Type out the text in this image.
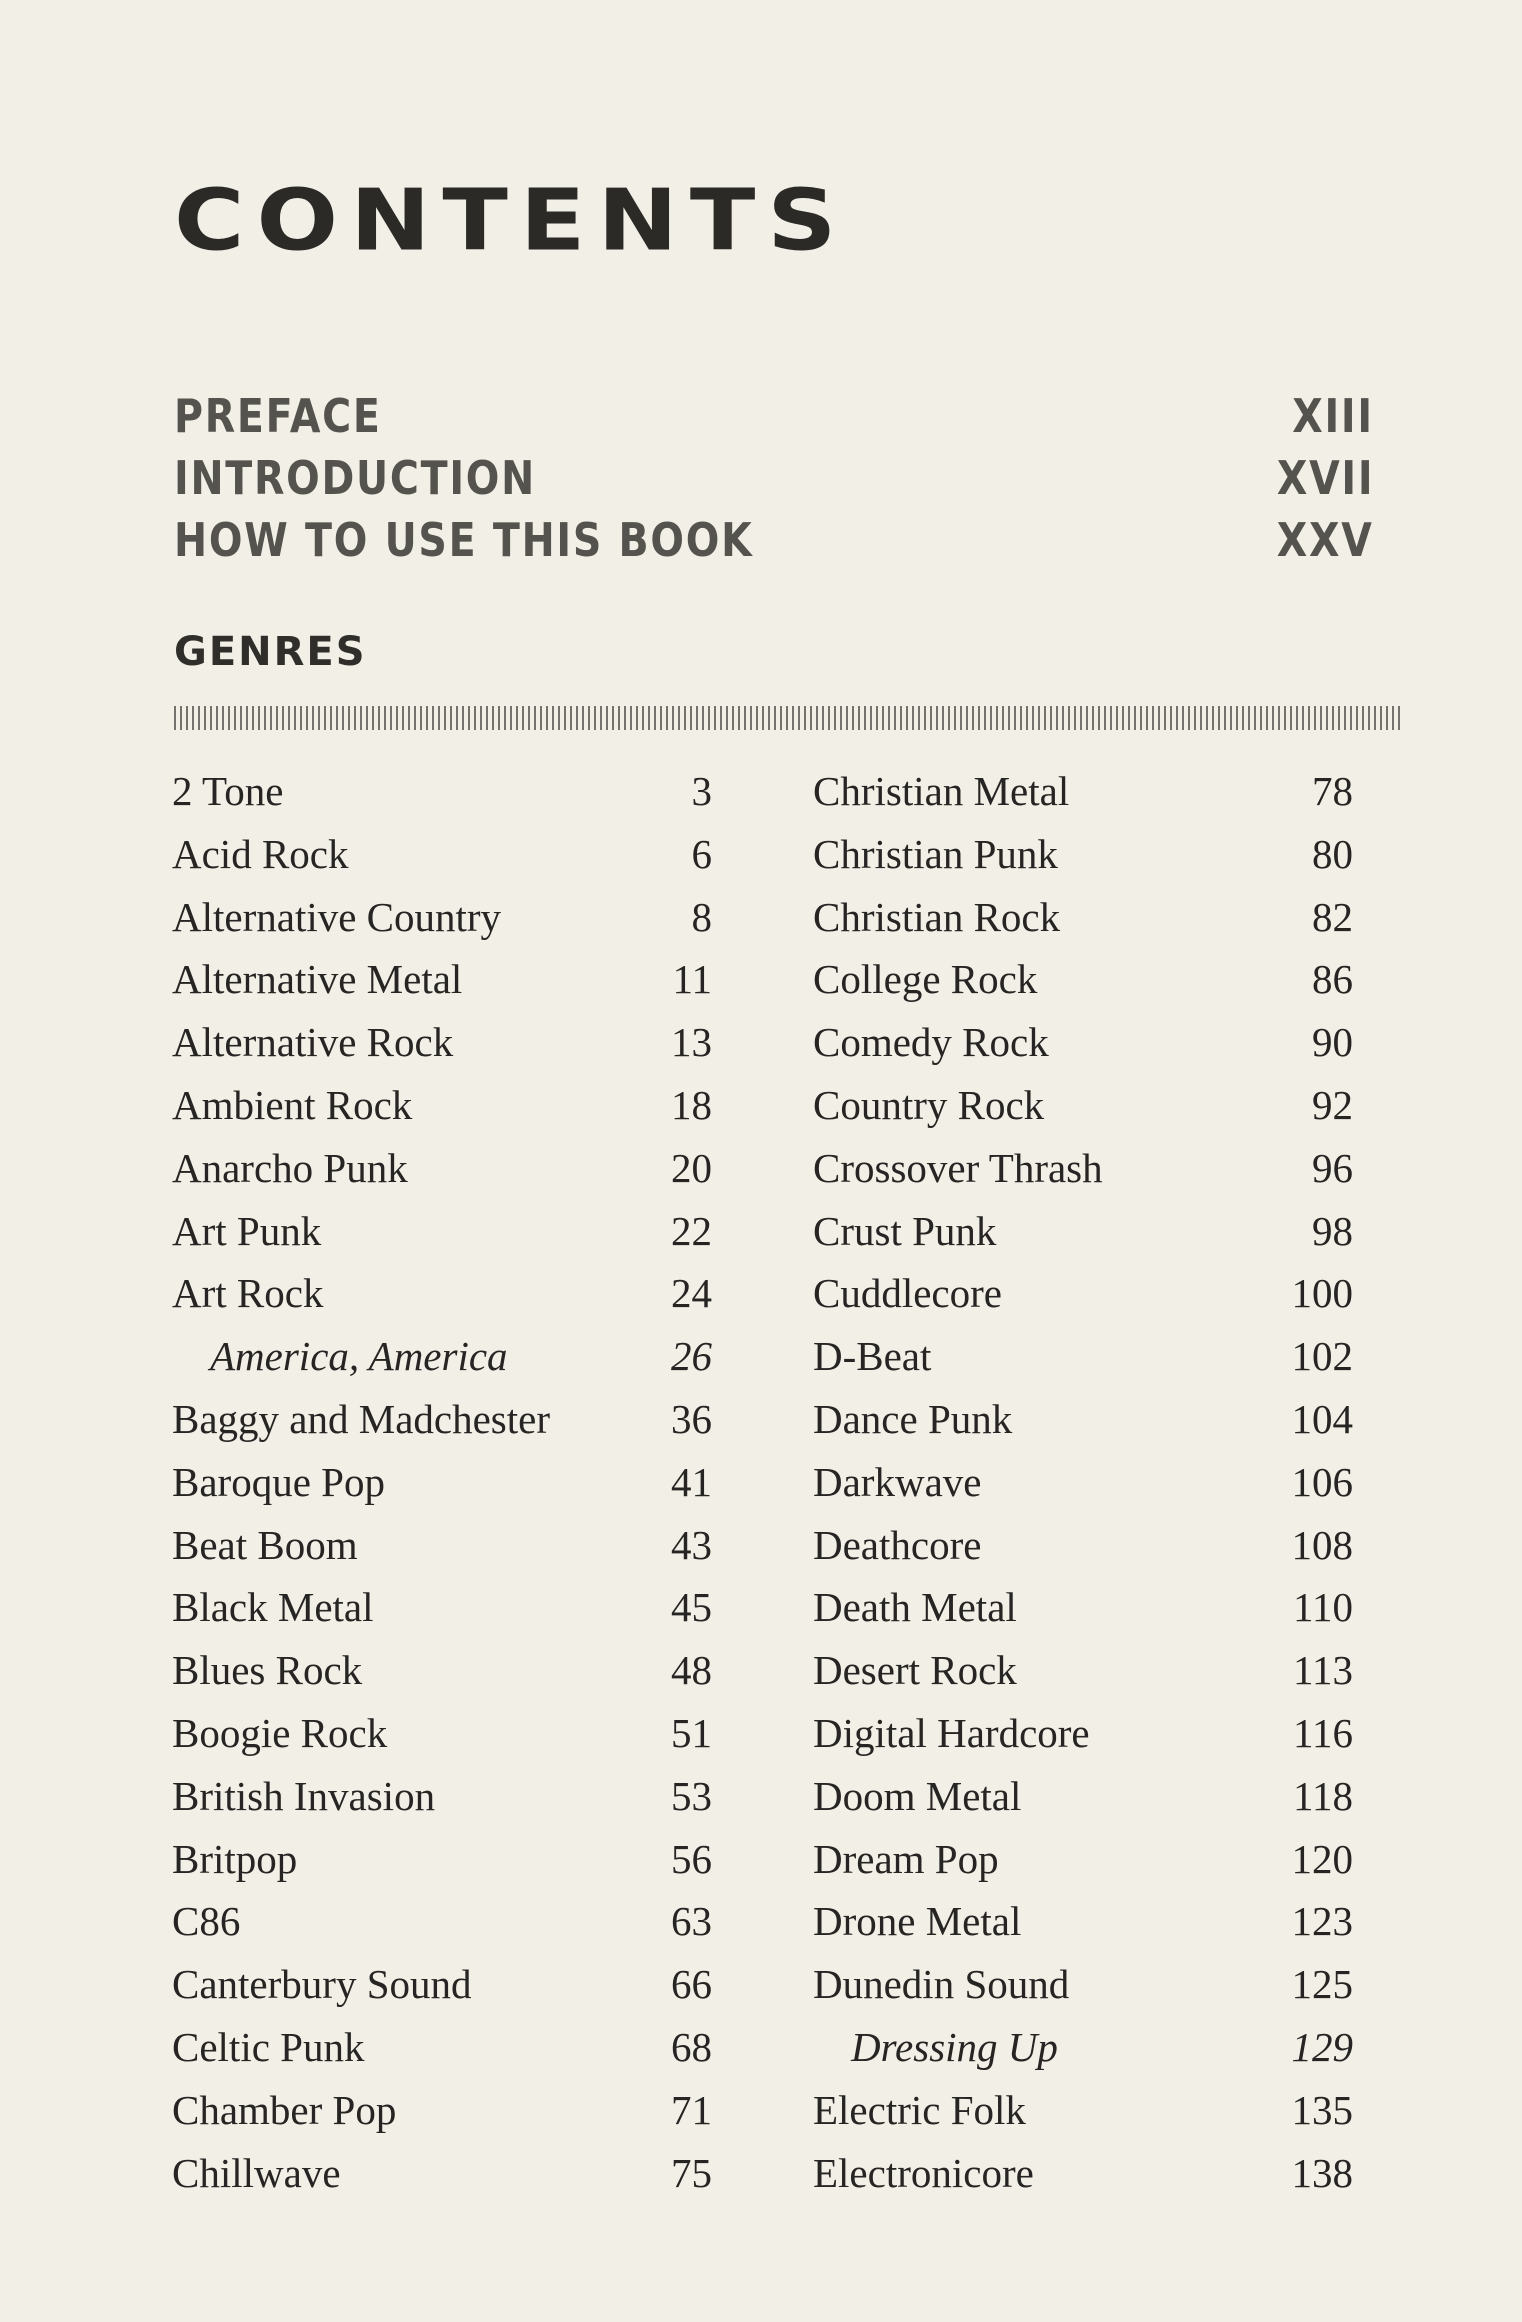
CONTENTS
PREFACE	XIII
INTRODUCTION	XVII
HOW TO USE THIS BOOK	XXV
GENRES
2 Tone	3
Acid Rock	6
Alternative Country	8
Alternative Metal	11
Alternative Rock	13
Ambient Rock	18
Anarcho Punk	20
Art Punk	22
Art Rock	24
America, America	26
Baggy and Madchester	36
Baroque Pop	41
Beat Boom	43
Black Metal	45
Blues Rock	48
Boogie Rock	51
British Invasion	53
Britpop	56
C86	63
Canterbury Sound	66
Celtic Punk	68
Chamber Pop	71
Chillwave	75
Christian Metal	78
Christian Punk	80
Christian Rock	82
College Rock	86
Comedy Rock	90
Country Rock	92
Crossover Thrash	96
Crust Punk	98
Cuddlecore	100
D-Beat	102
Dance Punk	104
Darkwave	106
Deathcore	108
Death Metal	110
Desert Rock	113
Digital Hardcore	116
Doom Metal	118
Dream Pop	120
Drone Metal	123
Dunedin Sound	125
Dressing Up	129
Electric Folk	135
Electronicore	138
